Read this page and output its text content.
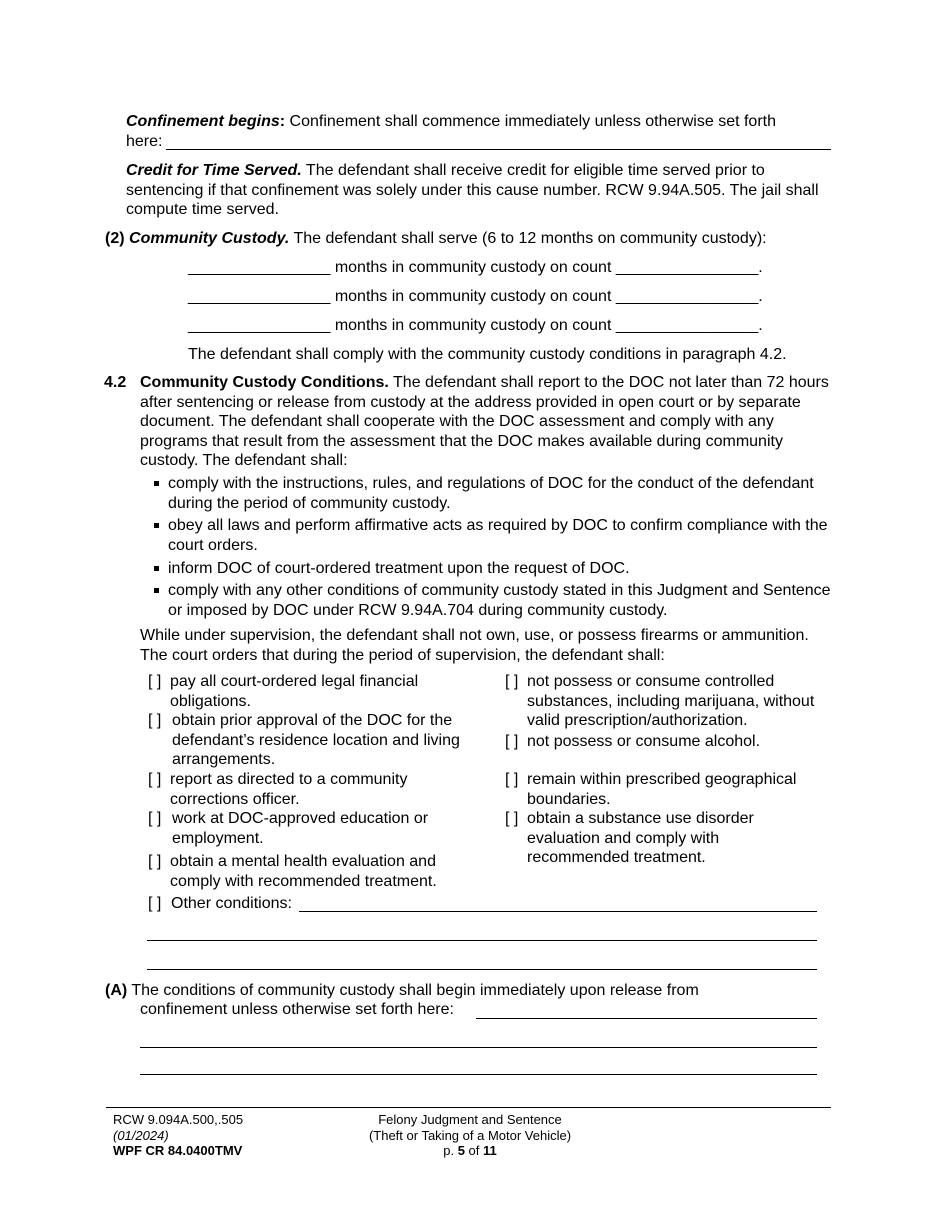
Confinement begins: Confinement shall commence immediately unless otherwise set forth
here:
Credit for Time Served. The defendant shall receive credit for eligible time served prior to sentencing if that confinement was solely under this cause number. RCW 9.94A.505. The jail shall compute time served.
(2) Community Custody. The defendant shall serve (6 to 12 months on community custody):
________________ months in community custody on count ________________.
________________ months in community custody on count ________________.
________________ months in community custody on count ________________.
The defendant shall comply with the community custody conditions in paragraph 4.2.
4.2 Community Custody Conditions. The defendant shall report to the DOC not later than 72 hours after sentencing or release from custody at the address provided in open court or by separate document. The defendant shall cooperate with the DOC assessment and comply with any programs that result from the assessment that the DOC makes available during community custody. The defendant shall:
comply with the instructions, rules, and regulations of DOC for the conduct of the defendant during the period of community custody.
obey all laws and perform affirmative acts as required by DOC to confirm compliance with the court orders.
inform DOC of court-ordered treatment upon the request of DOC.
comply with any other conditions of community custody stated in this Judgment and Sentence or imposed by DOC under RCW 9.94A.704 during community custody.
While under supervision, the defendant shall not own, use, or possess firearms or ammunition. The court orders that during the period of supervision, the defendant shall:
[ ] pay all court-ordered legal financial obligations.
[ ] obtain prior approval of the DOC for the defendant’s residence location and living arrangements.
[ ] report as directed to a community corrections officer.
[ ] work at DOC-approved education or employment.
[ ] obtain a mental health evaluation and comply with recommended treatment.
[ ] not possess or consume controlled substances, including marijuana, without valid prescription/authorization.
[ ] not possess or consume alcohol.
[ ] remain within prescribed geographical boundaries.
[ ] obtain a substance use disorder evaluation and comply with recommended treatment.
[ ] Other conditions:
(A) The conditions of community custody shall begin immediately upon release from
confinement unless otherwise set forth here:
RCW 9.094A.500,.505
(01/2024)
WPF CR 84.0400TMV
Felony Judgment and Sentence
(Theft or Taking of a Motor Vehicle)
p. 5 of 11
